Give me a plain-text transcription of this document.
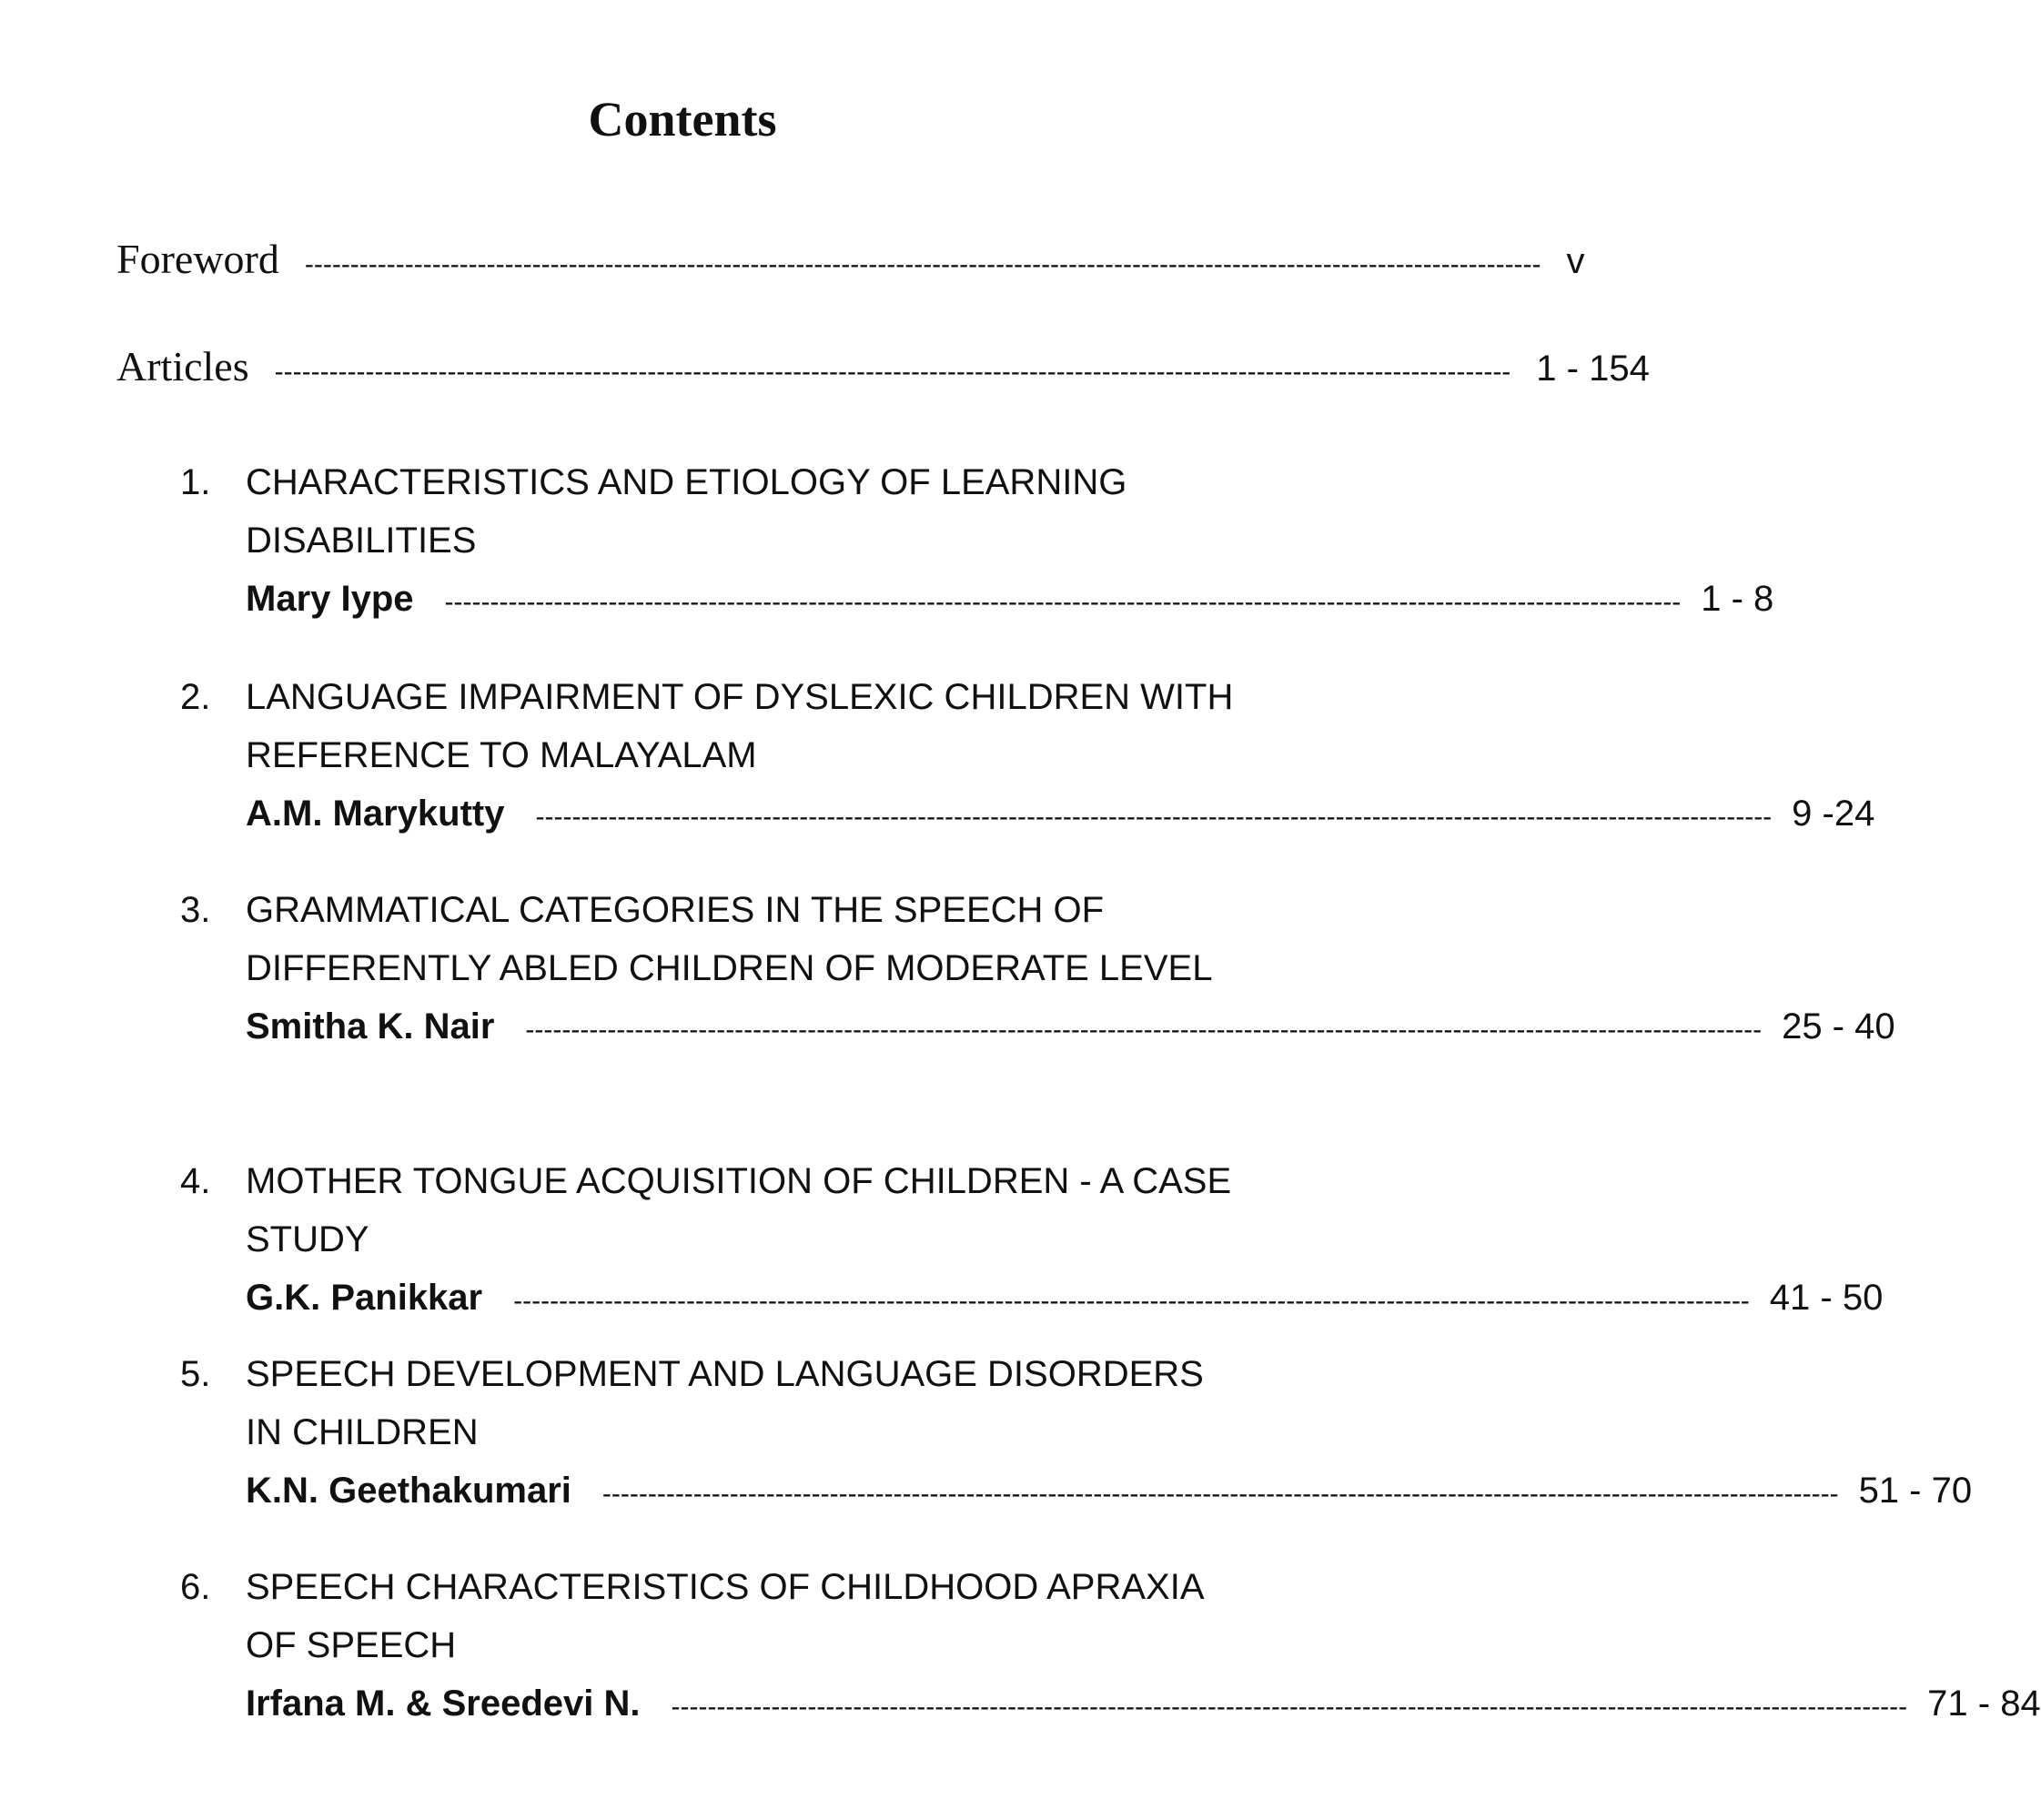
Contents
Foreword ---------------------------------------------------------------------------------------------------------------------------------------- v
Articles ---------------------------------------------------------------------------------------------------------------------------------------- 1 - 154
1. CHARACTERISTICS AND ETIOLOGY OF LEARNING DISABILITIES
Mary Iype ---------------------------------------------------------------------------------------------------------------------------------------- 1 - 8
2. LANGUAGE IMPAIRMENT OF DYSLEXIC CHILDREN WITH REFERENCE TO MALAYALAM
A.M. Marykutty ---------------------------------------------------------------------------------------------------------------------------------------- 9 -24
3. GRAMMATICAL CATEGORIES IN THE SPEECH OF DIFFERENTLY ABLED CHILDREN OF MODERATE LEVEL
Smitha K. Nair ---------------------------------------------------------------------------------------------------------------------------------------- 25 - 40
4. MOTHER TONGUE ACQUISITION OF CHILDREN - A CASE STUDY
G.K. Panikkar ---------------------------------------------------------------------------------------------------------------------------------------- 41 - 50
5. SPEECH DEVELOPMENT AND LANGUAGE DISORDERS IN CHILDREN
K.N. Geethakumari ---------------------------------------------------------------------------------------------------------------------------------------- 51 - 70
6. SPEECH CHARACTERISTICS OF CHILDHOOD APRAXIA OF SPEECH
Irfana M. & Sreedevi N. ---------------------------------------------------------------------------------------------------------------------------------------- 71 - 84
